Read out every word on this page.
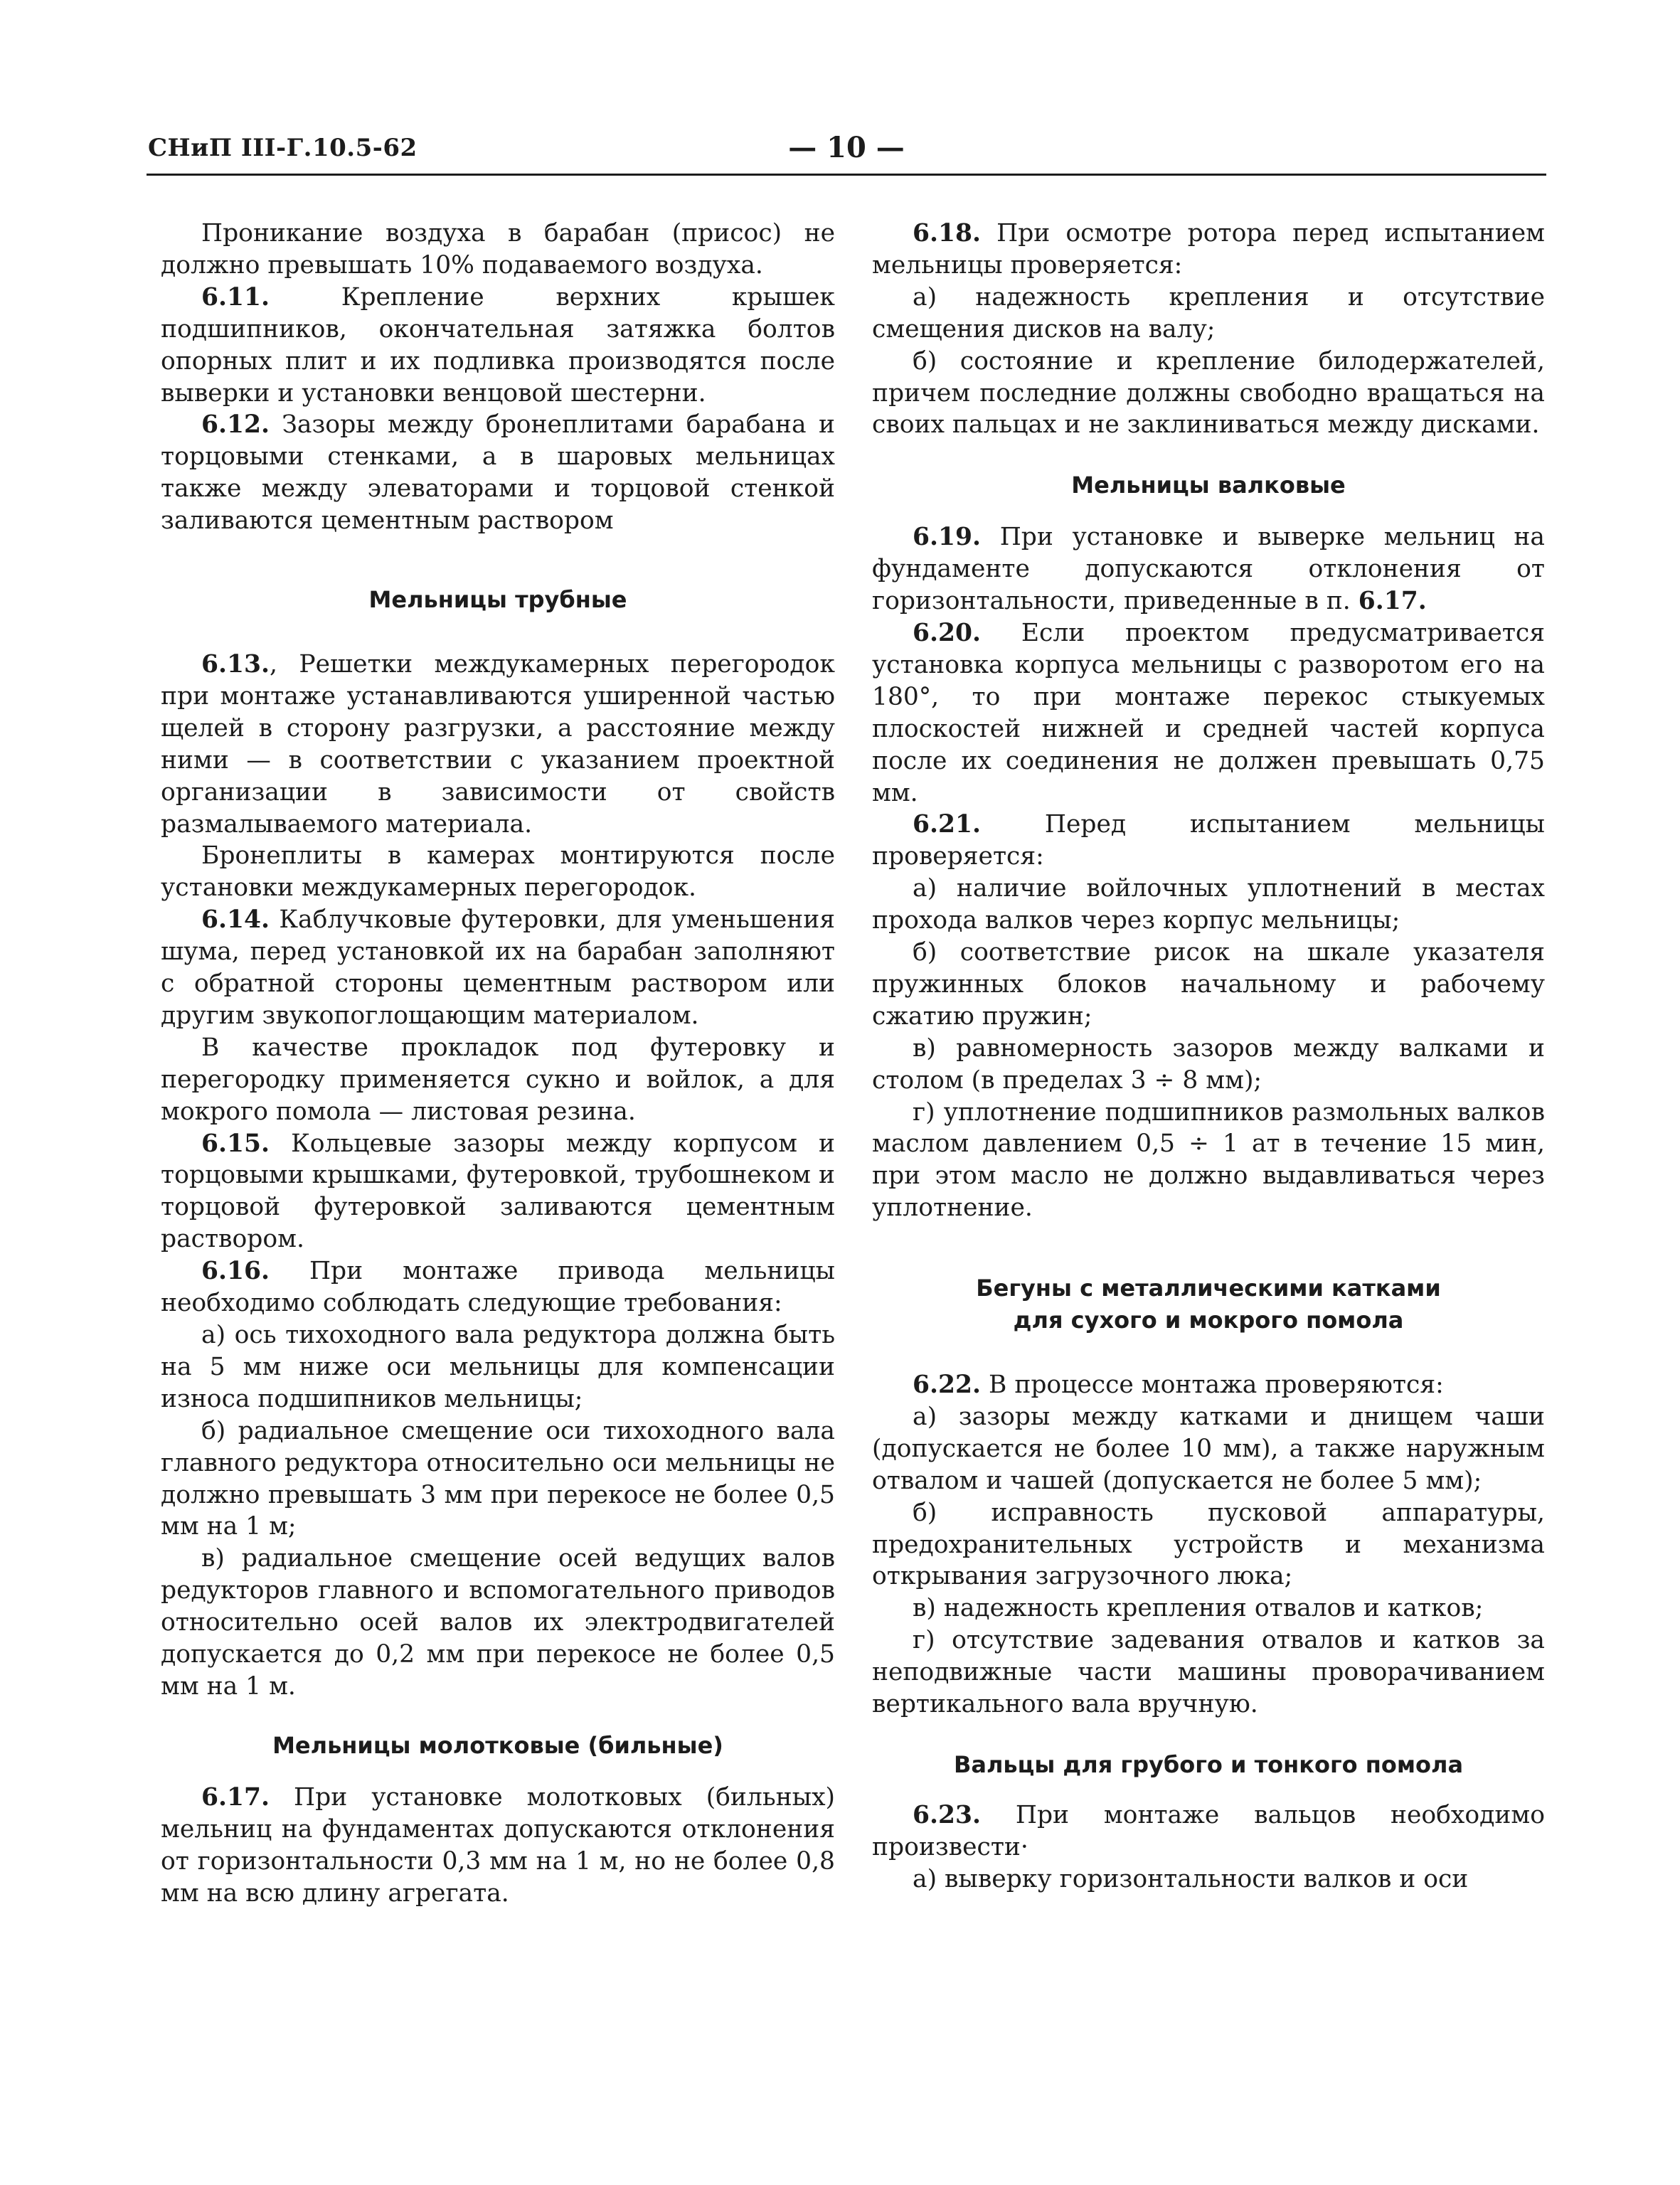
СНиП III-Г.10.5-62	— 10 —

Проникание воздуха в барабан (присос) не должно превышать 10% подаваемого воздуха.

6.11. Крепление верхних крышек подшипников, окончательная затяжка болтов опорных плит и их подливка производятся после выверки и установки венцовой шестерни.

6.12. Зазоры между бронеплитами барабана и торцовыми стенками, а в шаровых мельницах также между элеваторами и торцовой стенкой заливаются цементным раствором

Мельницы трубные

6.13., Решетки междукамерных перегородок при монтаже устанавливаются уширенной частью щелей в сторону разгрузки, а расстояние между ними — в соответствии с указанием проектной организации в зависимости от свойств размалываемого материала.

Бронеплиты в камерах монтируются после установки междукамерных перегородок.

6.14. Каблучковые футеровки, для уменьшения шума, перед установкой их на барабан заполняют с обратной стороны цементным раствором или другим звукопоглощающим материалом.

В качестве прокладок под футеровку и перегородку применяется сукно и войлок, а для мокрого помола — листовая резина.

6.15. Кольцевые зазоры между корпусом и торцовыми крышками, футеровкой, трубошнеком и торцовой футеровкой заливаются цементным раствором.

6.16. При монтаже привода мельницы необходимо соблюдать следующие требования:

а) ось тихоходного вала редуктора должна быть на 5 мм ниже оси мельницы для компенсации износа подшипников мельницы;

б) радиальное смещение оси тихоходного вала главного редуктора относительно оси мельницы не должно превышать 3 мм при перекосе не более 0,5 мм на 1 м;

в) радиальное смещение осей ведущих валов редукторов главного и вспомогательного приводов относительно осей валов их электродвигателей допускается до 0,2 мм при перекосе не более 0,5 мм на 1 м.

Мельницы молотковые (бильные)

6.17. При установке молотковых (бильных) мельниц на фундаментах допускаются отклонения от горизонтальности 0,3 мм на 1 м, но не более 0,8 мм на всю длину агрегата.

6.18. При осмотре ротора перед испытанием мельницы проверяется:

а) надежность крепления и отсутствие смещения дисков на валу;

б) состояние и крепление билодержателей, причем последние должны свободно вращаться на своих пальцах и не заклиниваться между дисками.

Мельницы валковые

6.19. При установке и выверке мельниц на фундаменте допускаются отклонения от горизонтальности, приведенные в п. 6.17.

6.20. Если проектом предусматривается установка корпуса мельницы с разворотом его на 180°, то при монтаже перекос стыкуемых плоскостей нижней и средней частей корпуса после их соединения не должен превышать 0,75 мм.

6.21. Перед испытанием мельницы проверяется:

а) наличие войлочных уплотнений в местах прохода валков через корпус мельницы;

б) соответствие рисок на шкале указателя пружинных блоков начальному и рабочему сжатию пружин;

в) равномерность зазоров между валками и столом (в пределах 3 ÷ 8 мм);

г) уплотнение подшипников размольных валков маслом давлением 0,5 ÷ 1 ат в течение 15 мин, при этом масло не должно выдавливаться через уплотнение.

Бегуны с металлическими катками
для сухого и мокрого помола

6.22. В процессе монтажа проверяются:

а) зазоры между катками и днищем чаши (допускается не более 10 мм), а также наружным отвалом и чашей (допускается не более 5 мм);

б) исправность пусковой аппаратуры, предохранительных устройств и механизма открывания загрузочного люка;

в) надежность крепления отвалов и катков;

г) отсутствие задевания отвалов и катков за неподвижные части машины проворачиванием вертикального вала вручную.

Вальцы для грубого и тонкого помола

6.23. При монтаже вальцов необходимо произвести·

а) выверку горизонтальности валков и оси
